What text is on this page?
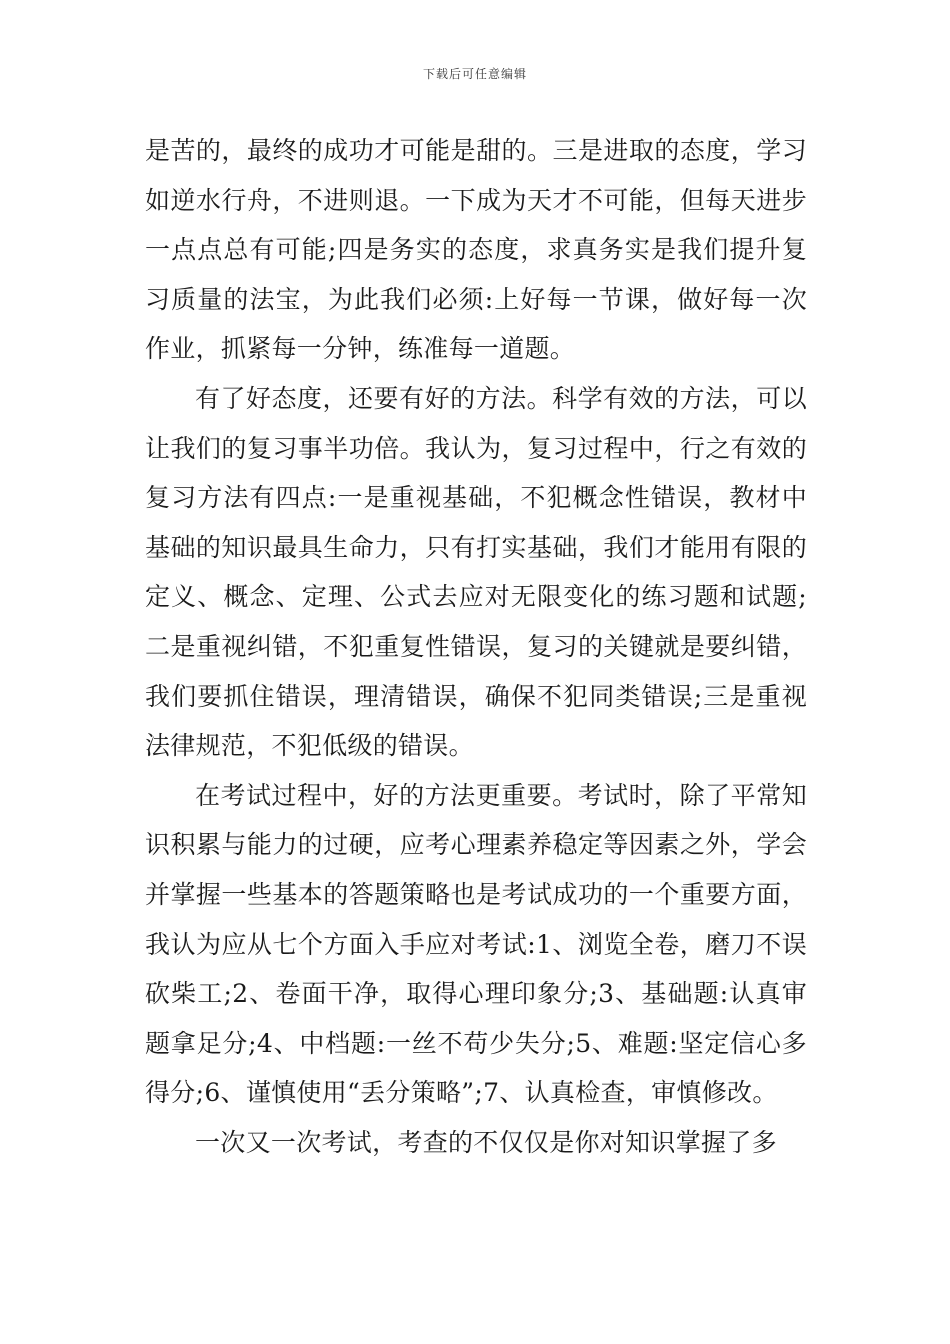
下载后可任意编辑

是苦的，最终的成功才可能是甜的。三是进取的态度，学习如逆水行舟，不进则退。一下成为天才不可能，但每天进步一点点总有可能;四是务实的态度，求真务实是我们提升复习质量的法宝，为此我们必须:上好每一节课，做好每一次作业，抓紧每一分钟，练准每一道题。

有了好态度，还要有好的方法。科学有效的方法，可以让我们的复习事半功倍。我认为，复习过程中，行之有效的复习方法有四点:一是重视基础，不犯概念性错误，教材中基础的知识最具生命力，只有打实基础，我们才能用有限的定义、概念、定理、公式去应对无限变化的练习题和试题;二是重视纠错，不犯重复性错误，复习的关键就是要纠错，我们要抓住错误，理清错误，确保不犯同类错误;三是重视法律规范，不犯低级的错误。

在考试过程中，好的方法更重要。考试时，除了平常知识积累与能力的过硬，应考心理素养稳定等因素之外，学会并掌握一些基本的答题策略也是考试成功的一个重要方面，我认为应从七个方面入手应对考试:1、浏览全卷，磨刀不误砍柴工;2、卷面干净，取得心理印象分;3、基础题:认真审题拿足分;4、中档题:一丝不苟少失分;5、难题:坚定信心多得分;6、谨慎使用“丢分策略”;7、认真检查，审慎修改。

一次又一次考试，考查的不仅仅是你对知识掌握了多
